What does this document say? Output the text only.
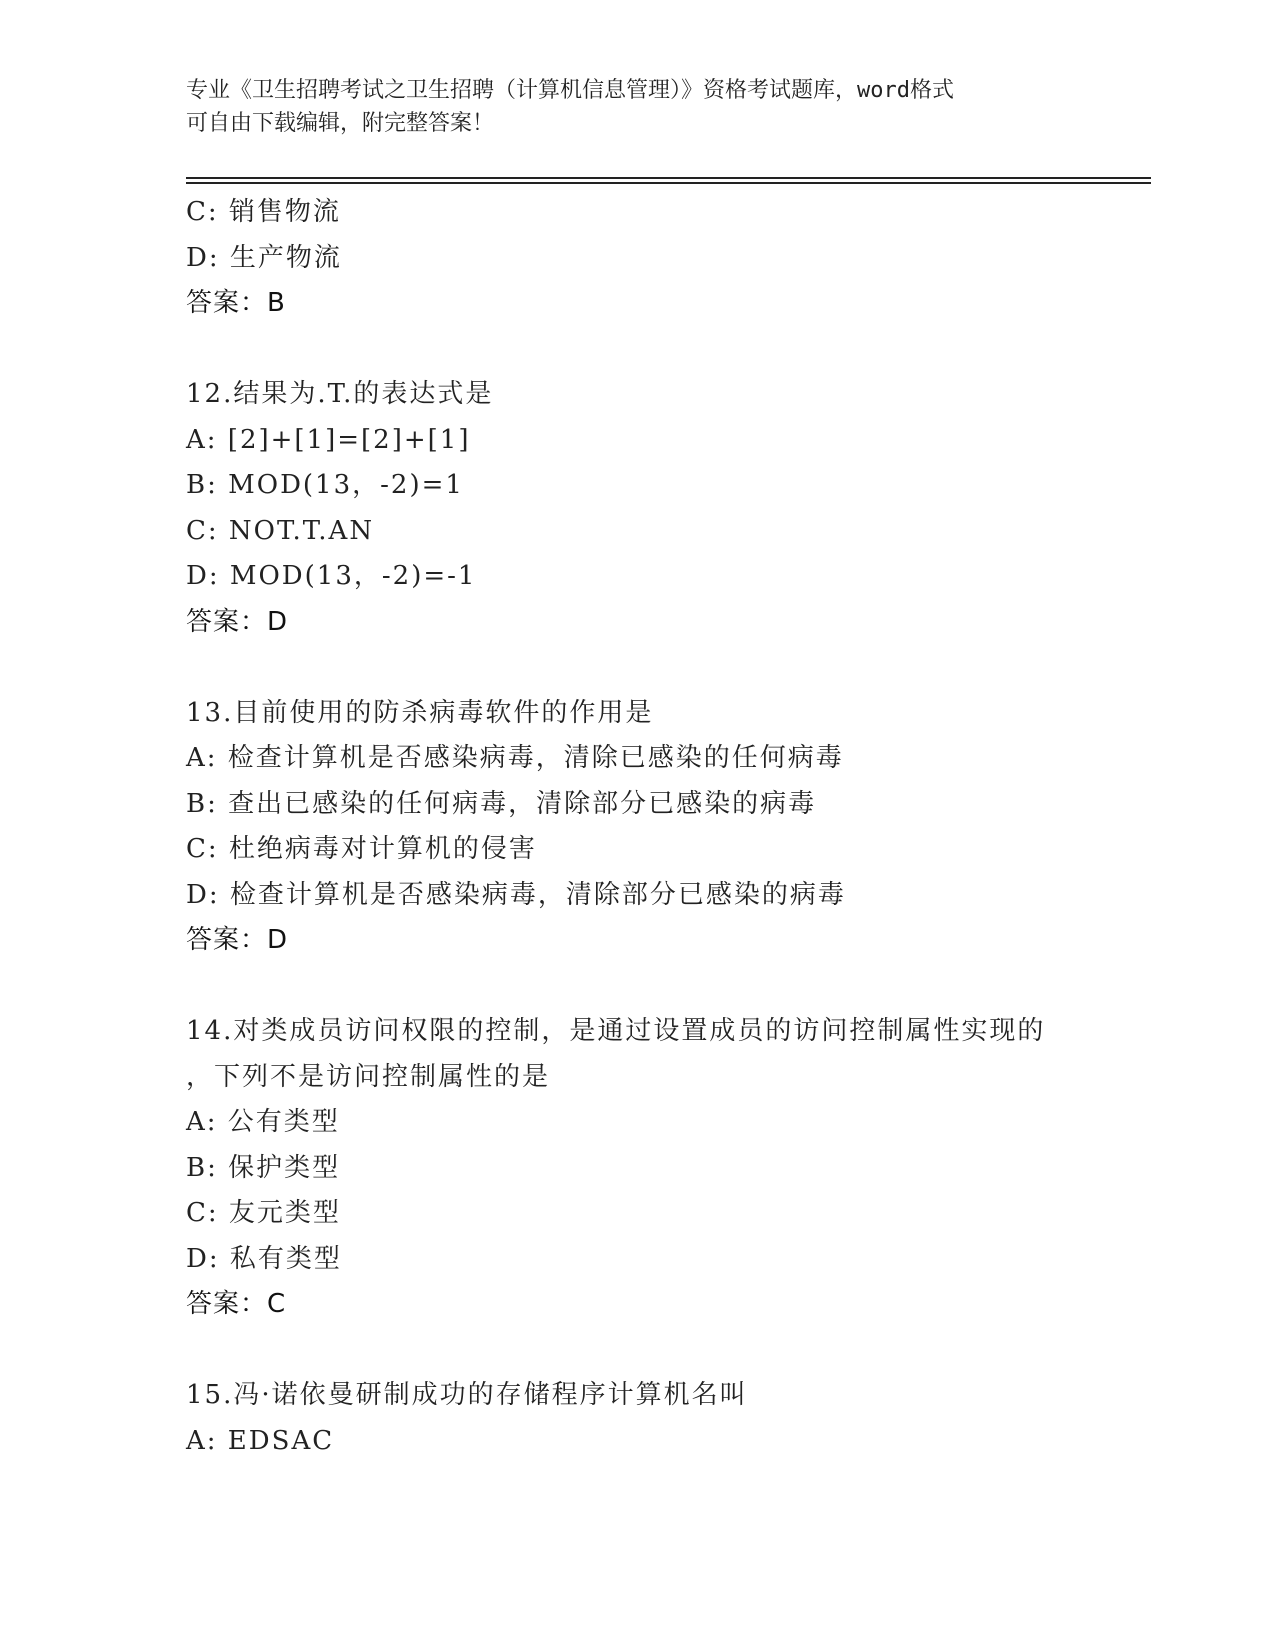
专业《卫生招聘考试之卫生招聘（计算机信息管理）》资格考试题库，word格式
可自由下载编辑，附完整答案！
C: 销售物流
D: 生产物流
答案：B
12.结果为.T.的表达式是
A: [2]+[1]=[2]+[1]
B: MOD(13，-2)=1
C: NOT.T.AN
D: MOD(13，-2)=-1
答案：D
13.目前使用的防杀病毒软件的作用是
A: 检查计算机是否感染病毒，清除已感染的任何病毒
B: 查出已感染的任何病毒，清除部分已感染的病毒
C: 杜绝病毒对计算机的侵害
D: 检查计算机是否感染病毒，清除部分已感染的病毒
答案：D
14.对类成员访问权限的控制，是通过设置成员的访问控制属性实现的
，下列不是访问控制属性的是
A: 公有类型
B: 保护类型
C: 友元类型
D: 私有类型
答案：C
15.冯·诺依曼研制成功的存储程序计算机名叫
A: EDSAC
